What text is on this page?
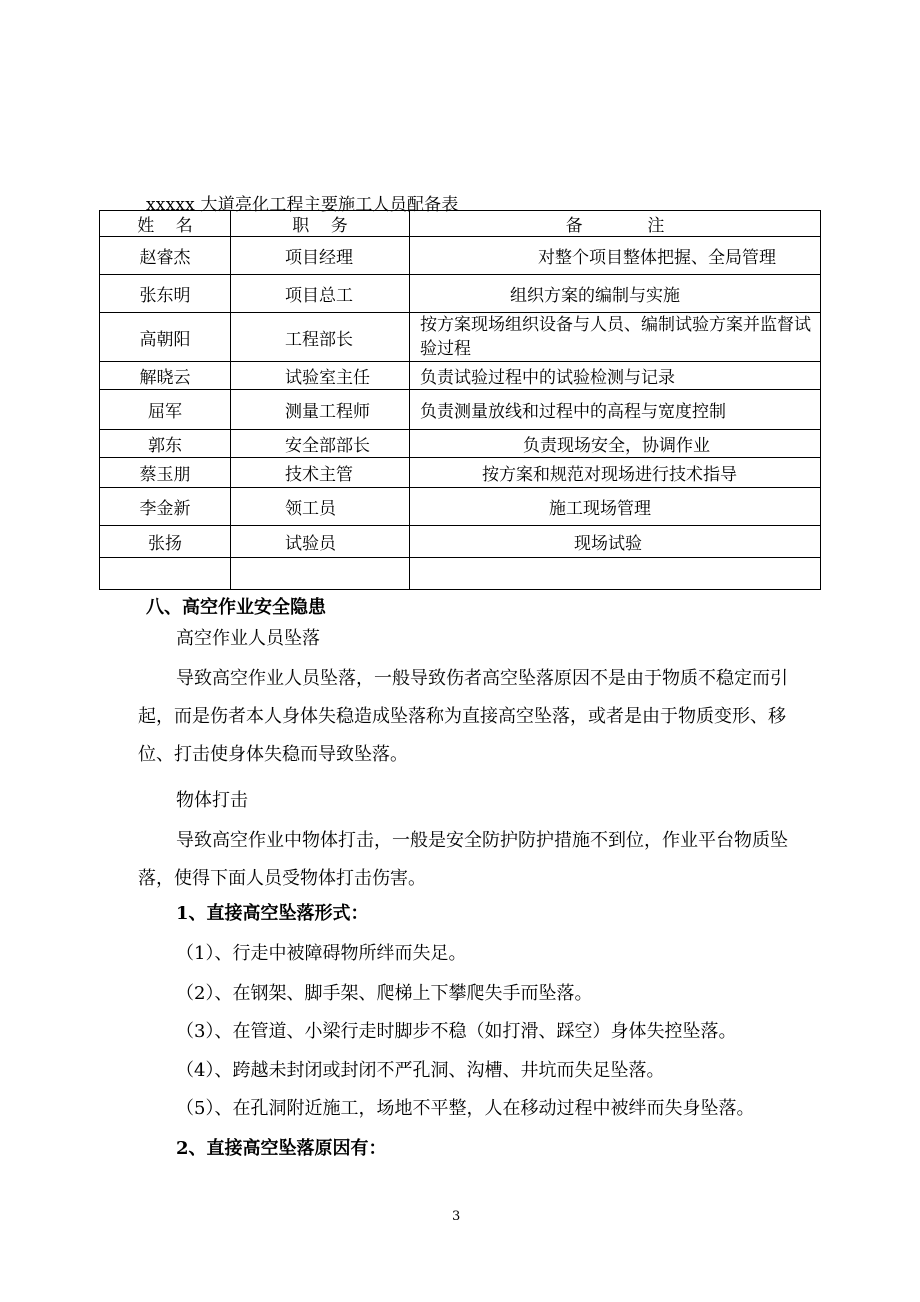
xxxxx 大道亮化工程主要施工人员配备表
姓    名	职    务	备            注
赵睿杰	项目经理	对整个项目整体把握、全局管理
张东明	项目总工	组织方案的编制与实施
高朝阳	工程部长	按方案现场组织设备与人员、编制试验方案并监督试验过程

解晓云	试验室主任	负责试验过程中的试验检测与记录
屈军	测量工程师	负责测量放线和过程中的高程与宽度控制
郭东	安全部部长	负责现场安全，协调作业
蔡玉朋	技术主管	按方案和规范对现场进行技术指导
李金新	领工员	施工现场管理
张扬	试验员	现场试验

八、高空作业安全隐患
高空作业人员坠落
导致高空作业人员坠落，一般导致伤者高空坠落原因不是由于物质不稳定而引起，而是伤者本人身体失稳造成坠落称为直接高空坠落，或者是由于物质变形、移位、打击使身体失稳而导致坠落。
物体打击
导致高空作业中物体打击，一般是安全防护防护措施不到位，作业平台物质坠落，使得下面人员受物体打击伤害。
1、直接高空坠落形式：
（1）、行走中被障碍物所绊而失足。
（2）、在钢架、脚手架、爬梯上下攀爬失手而坠落。
（3）、在管道、小梁行走时脚步不稳（如打滑、踩空）身体失控坠落。
（4）、跨越未封闭或封闭不严孔洞、沟槽、井坑而失足坠落。
（5）、在孔洞附近施工，场地不平整，人在移动过程中被绊而失身坠落。
2、直接高空坠落原因有：
3
